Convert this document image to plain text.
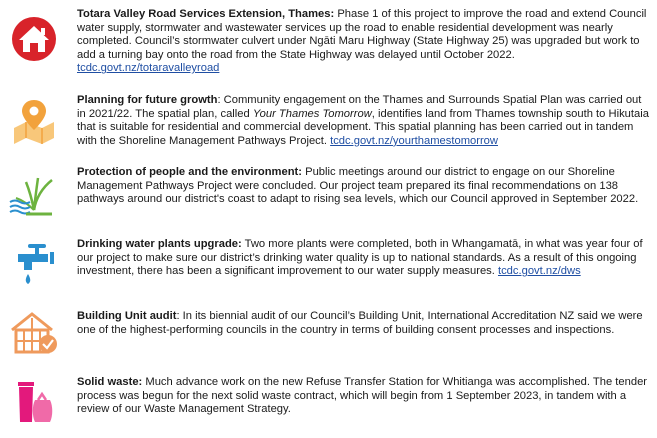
Totara Valley Road Services Extension, Thames: Phase 1 of this project to improve the road and extend Council water supply, stormwater and wastewater services up the road to enable residential development was nearly completed. Council’s stormwater culvert under Ngāti Maru Highway (State Highway 25) was upgraded but work to add a turning bay onto the road from the State Highway was delayed until October 2022. tcdc.govt.nz/totaravalleyroad
Planning for future growth: Community engagement on the Thames and Surrounds Spatial Plan was carried out in 2021/22. The spatial plan, called Your Thames Tomorrow, identifies land from Thames township south to Hikutaia that is suitable for residential and commercial development. This spatial planning has been carried out in tandem with the Shoreline Management Pathways Project. tcdc.govt.nz/yourthamestomorrow
Protection of people and the environment: Public meetings around our district to engage on our Shoreline Management Pathways Project were concluded. Our project team prepared its final recommendations on 138 pathways around our district's coast to adapt to rising sea levels, which our Council approved in September 2022.
Drinking water plants upgrade: Two more plants were completed, both in Whangamatā, in what was year four of our project to make sure our district’s drinking water quality is up to national standards. As a result of this ongoing investment, there has been a significant improvement to our water supply measures. tcdc.govt.nz/dws
Building Unit audit: In its biennial audit of our Council’s Building Unit, International Accreditation NZ said we were one of the highest-performing councils in the country in terms of building consent processes and inspections.
Solid waste: Much advance work on the new Refuse Transfer Station for Whitianga was accomplished. The tender process was begun for the next solid waste contract, which will begin from 1 September 2023, in tandem with a review of our Waste Management Strategy.
